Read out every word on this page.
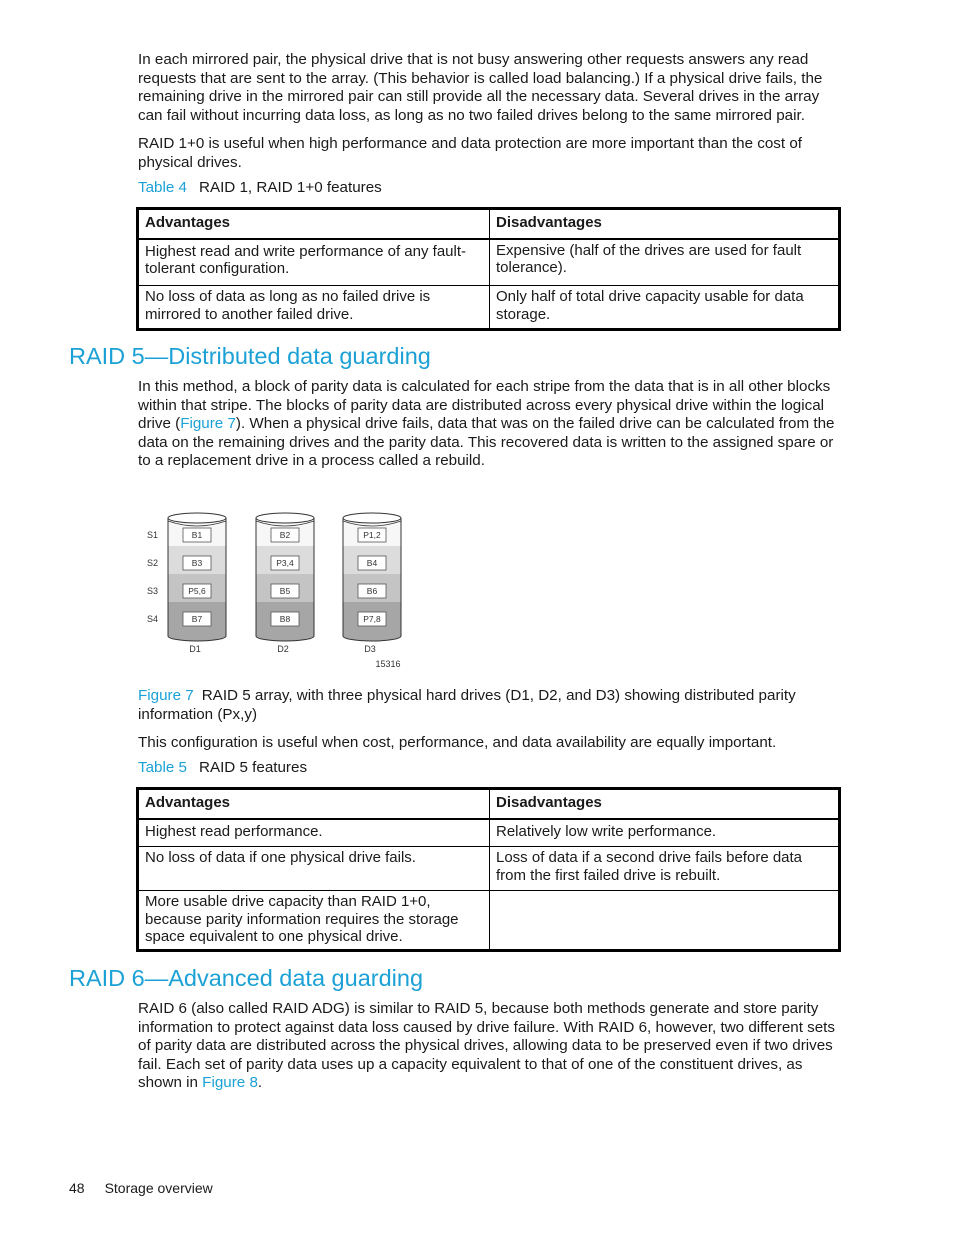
In each mirrored pair, the physical drive that is not busy answering other requests answers any read requests that are sent to the array. (This behavior is called load balancing.) If a physical drive fails, the remaining drive in the mirrored pair can still provide all the necessary data. Several drives in the array can fail without incurring data loss, as long as no two failed drives belong to the same mirrored pair.

RAID 1+0 is useful when high performance and data protection are more important than the cost of physical drives.

Table 4 RAID 1, RAID 1+0 features
Advantages	Disadvantages
Highest read and write performance of any fault-tolerant configuration.	Expensive (half of the drives are used for fault tolerance).
No loss of data as long as no failed drive is mirrored to another failed drive.	Only half of total drive capacity usable for data storage.
RAID 5—Distributed data guarding

In this method, a block of parity data is calculated for each stripe from the data that is in all other blocks within that stripe. The blocks of parity data are distributed across every physical drive within the logical drive (Figure 7). When a physical drive fails, data that was on the failed drive can be calculated from the data on the remaining drives and the parity data. This recovered data is written to the assigned spare or to a replacement drive in a process called a rebuild.

S1
S2
S3
S4
B1
B3
P5,6
B7
D1
B2
P3,4
B5
B8
D2
P1,2
B4
B6
P7,8
D3
15316

Figure 7 RAID 5 array, with three physical hard drives (D1, D2, and D3) showing distributed parity information (Px,y)

This configuration is useful when cost, performance, and data availability are equally important.

Table 5 RAID 5 features
Advantages	Disadvantages
Highest read performance.	Relatively low write performance.
No loss of data if one physical drive fails.	Loss of data if a second drive fails before data from the first failed drive is rebuilt.
More usable drive capacity than RAID 1+0, because parity information requires the storage space equivalent to one physical drive.	
RAID 6—Advanced data guarding

RAID 6 (also called RAID ADG) is similar to RAID 5, because both methods generate and store parity information to protect against data loss caused by drive failure. With RAID 6, however, two different sets of parity data are distributed across the physical drives, allowing data to be preserved even if two drives fail. Each set of parity data uses up a capacity equivalent to that of one of the constituent drives, as shown in Figure 8.

48 Storage overview
